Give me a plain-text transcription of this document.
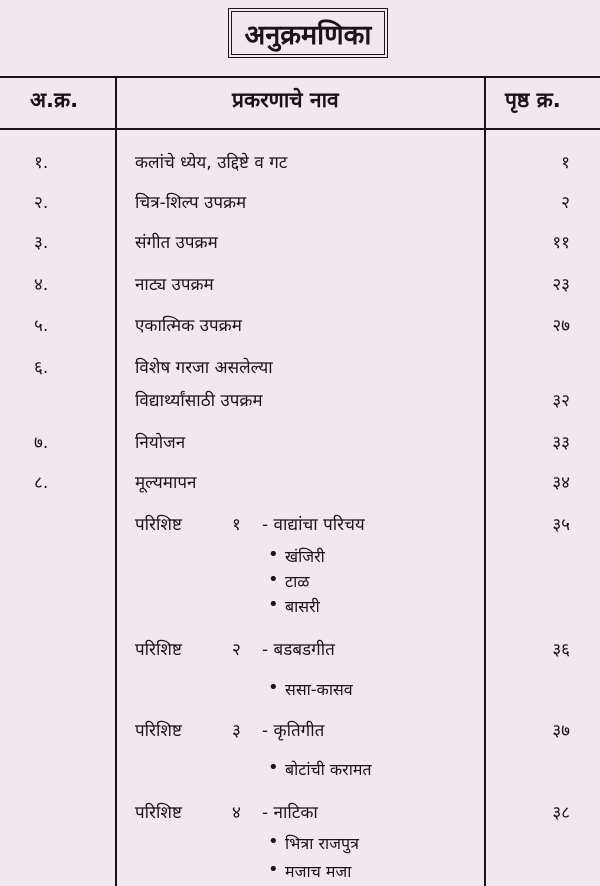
अनुक्रमणिका
अ.क्र.	प्रकरणाचे नाव	पृष्ठ क्र.
१.	कलांचे ध्येय, उद्दिष्टे व गट	१
२.	चित्र-शिल्प उपक्रम	२
३.	संगीत उपक्रम	११
४.	नाट्य उपक्रम	२३
५.	एकात्मिक उपक्रम	२७
६.	विशेष गरजा असलेल्या
विद्यार्थ्यांसाठी उपक्रम	३२
७.	नियोजन	३३
८.	मूल्यमापन	३४
परिशिष्ट	१ - वाद्यांचा परिचय	३५
• खंजिरी
• टाळ
• बासरी
परिशिष्ट	२ - बडबडगीत	३६
• ससा-कासव
परिशिष्ट	३ - कृतिगीत	३७
• बोटांची करामत
परिशिष्ट	४ - नाटिका	३८
• भित्रा राजपुत्र
• मजाच मजा
